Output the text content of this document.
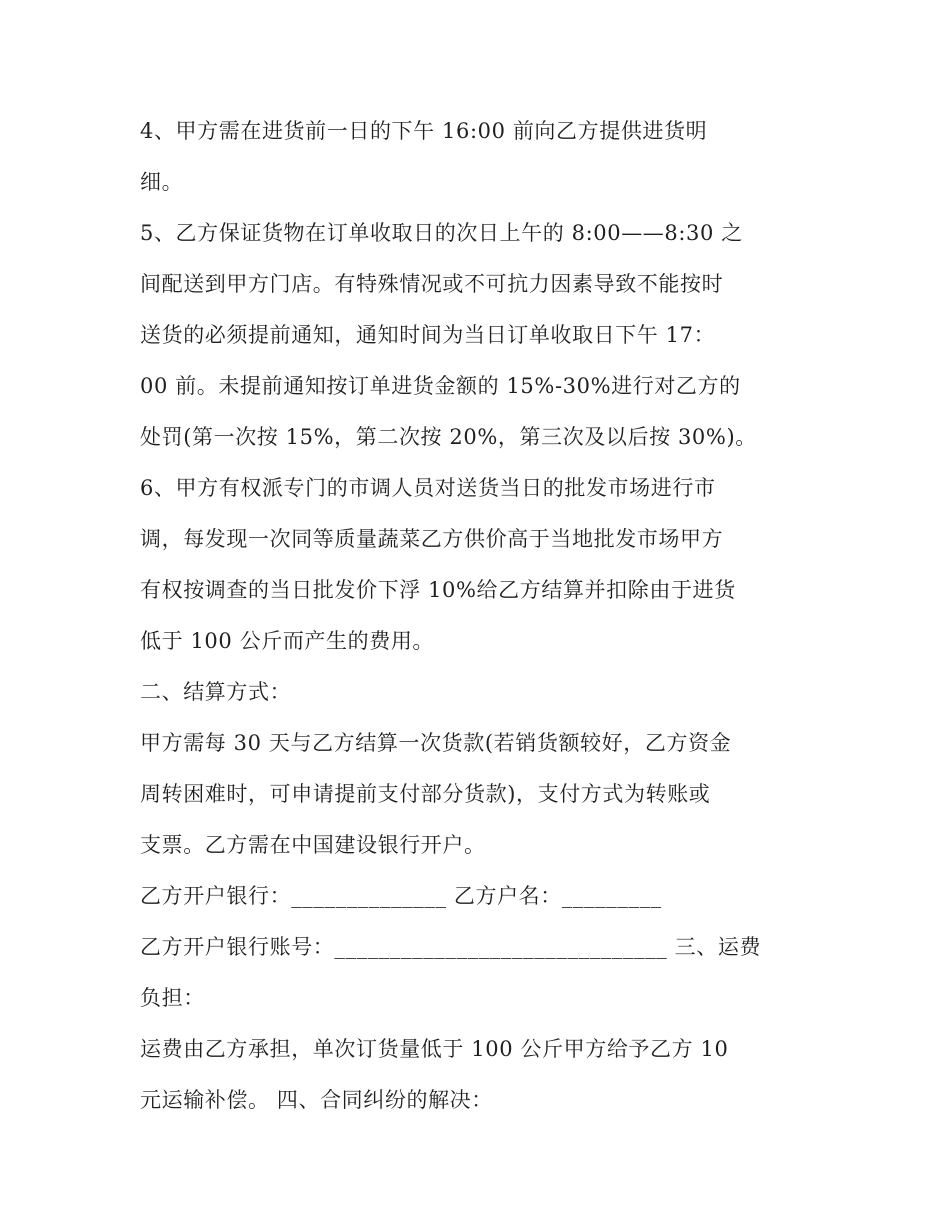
4、甲方需在进货前一日的下午 16:00 前向乙方提供进货明
细。
5、乙方保证货物在订单收取日的次日上午的 8:00——8:30 之
间配送到甲方门店。有特殊情况或不可抗力因素导致不能按时
送货的必须提前通知，通知时间为当日订单收取日下午 17：
00 前。未提前通知按订单进货金额的 15%-30%进行对乙方的
处罚(第一次按 15%，第二次按 20%，第三次及以后按 30%)。
6、甲方有权派专门的市调人员对送货当日的批发市场进行市
调，每发现一次同等质量蔬菜乙方供价高于当地批发市场甲方
有权按调查的当日批发价下浮 10%给乙方结算并扣除由于进货
低于 100 公斤而产生的费用。
二、结算方式：
甲方需每 30 天与乙方结算一次货款(若销货额较好，乙方资金
周转困难时，可申请提前支付部分货款)，支付方式为转账或
支票。乙方需在中国建设银行开户。
乙方开户银行：______________ 乙方户名：_________
乙方开户银行账号：______________________________ 三、运费
负担：
运费由乙方承担，单次订货量低于 100 公斤甲方给予乙方 10
元运输补偿。 四、合同纠纷的解决：
